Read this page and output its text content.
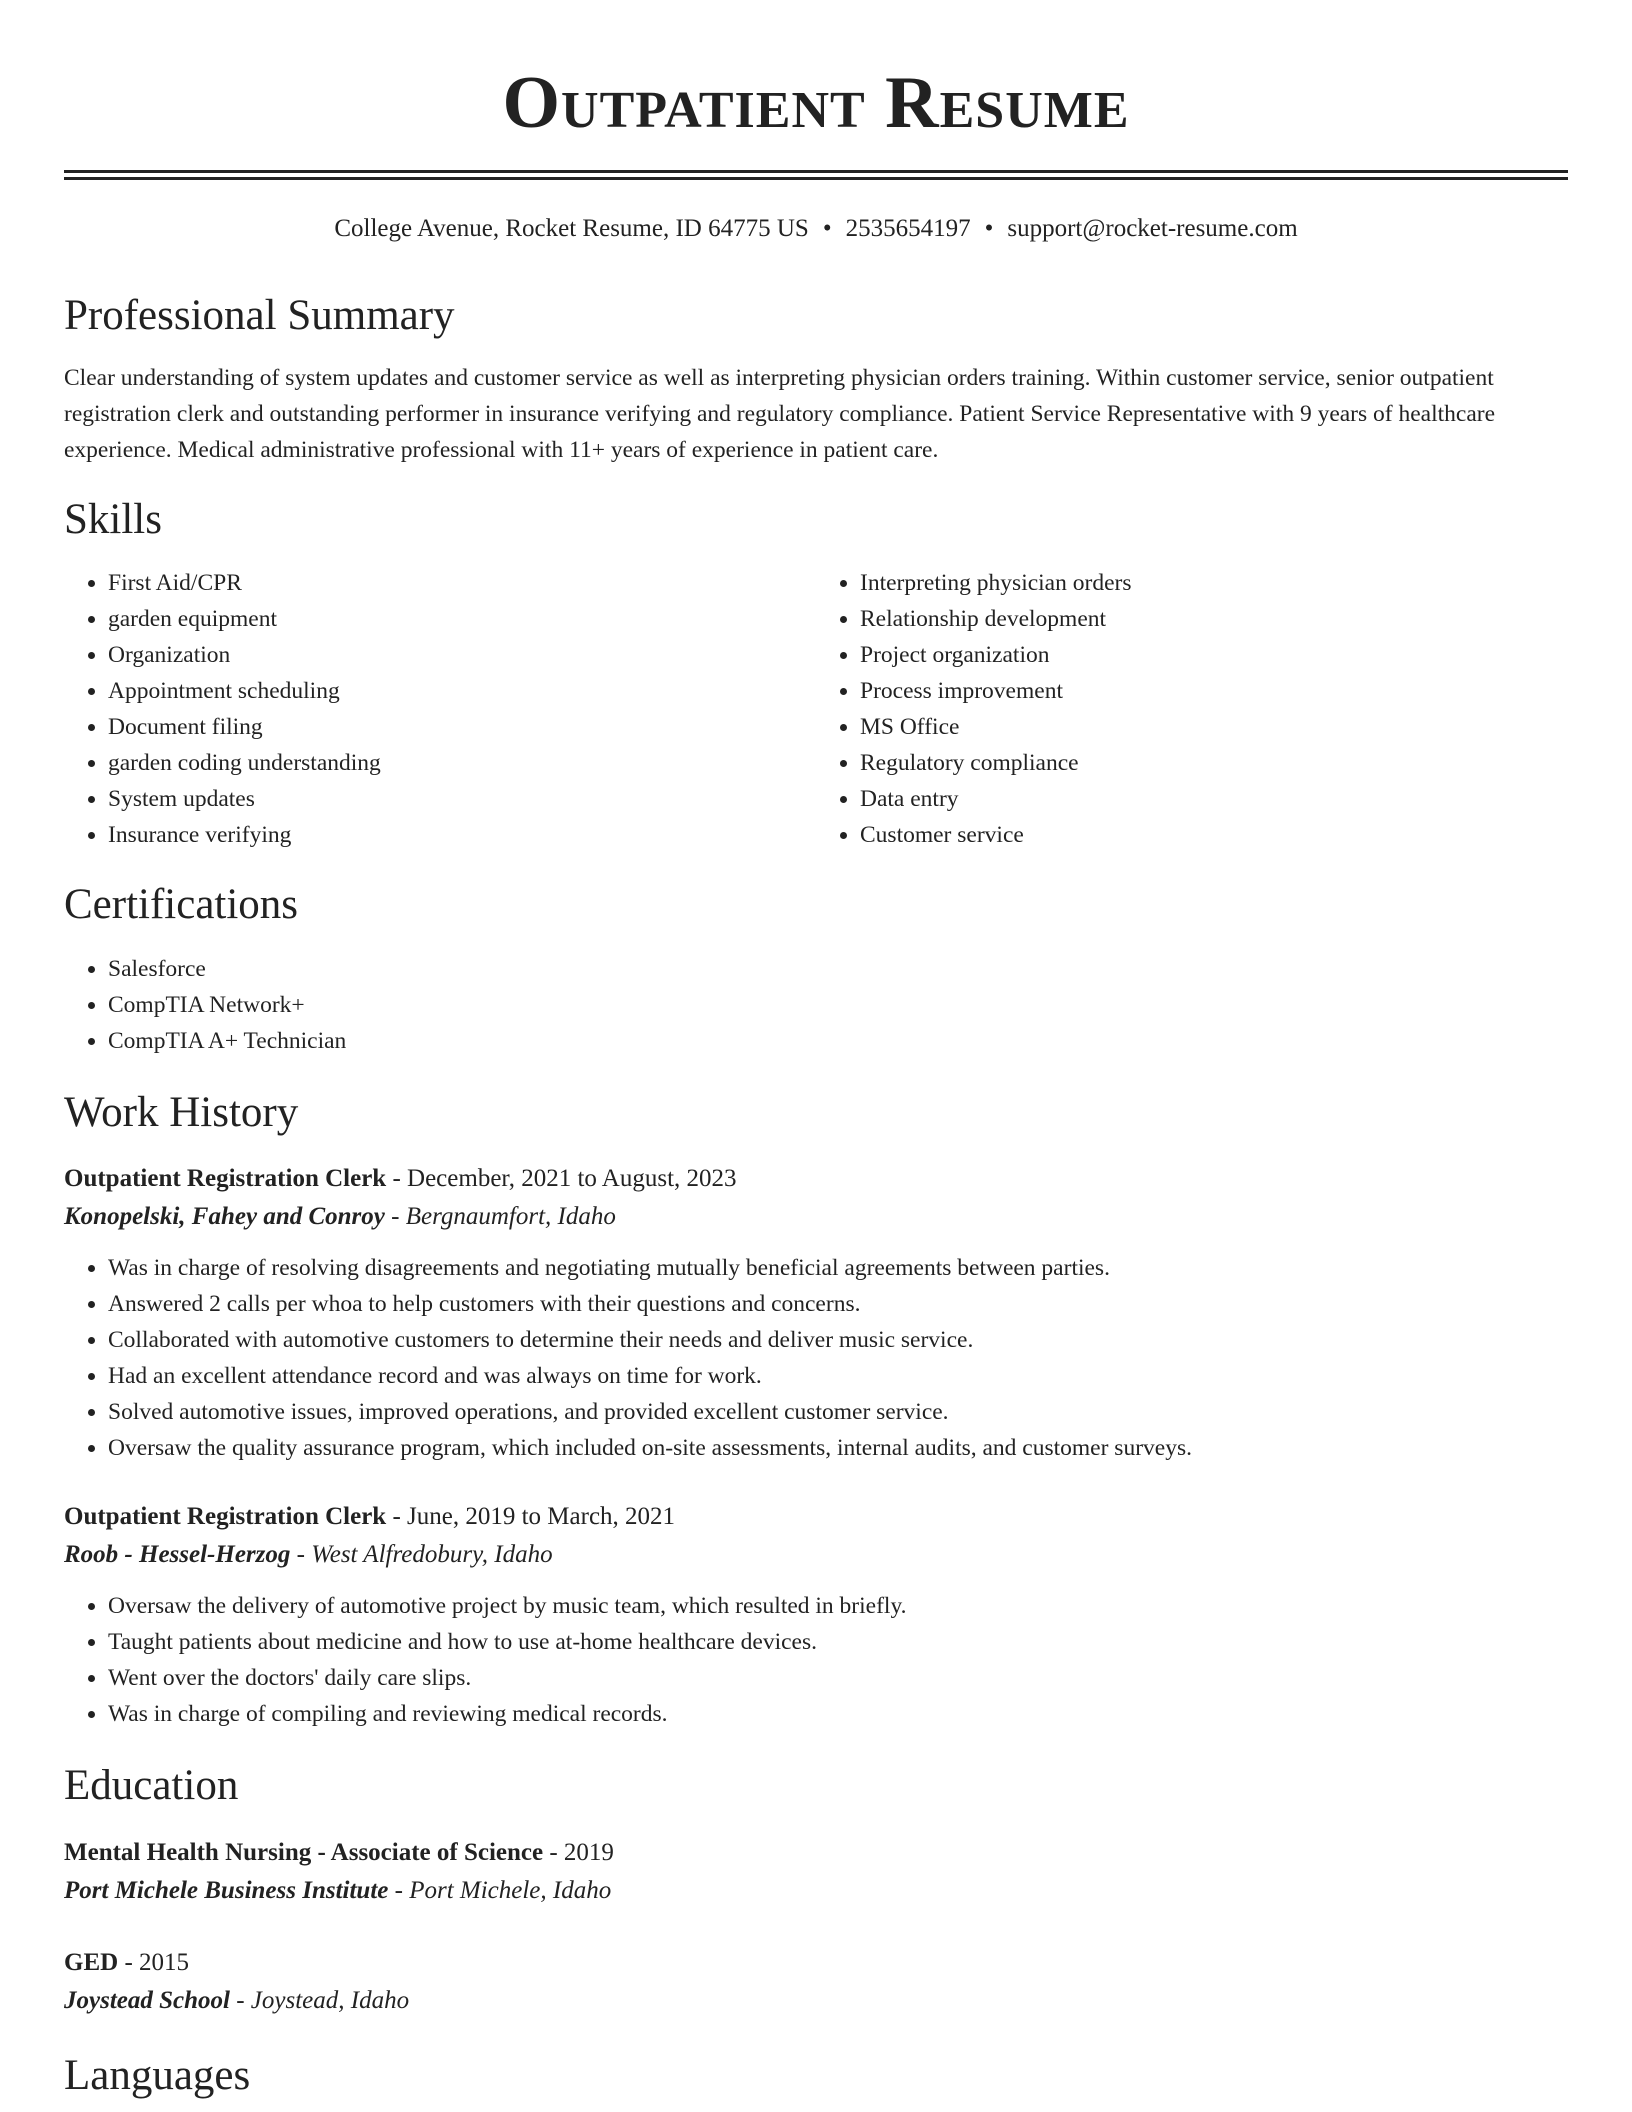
Outpatient Resume
College Avenue, Rocket Resume, ID 64775 US • 2535654197 • support@rocket-resume.com
Professional Summary
Clear understanding of system updates and customer service as well as interpreting physician orders training. Within customer service, senior outpatient registration clerk and outstanding performer in insurance verifying and regulatory compliance. Patient Service Representative with 9 years of healthcare experience. Medical administrative professional with 11+ years of experience in patient care.
Skills
• First Aid/CPR
• garden equipment
• Organization
• Appointment scheduling
• Document filing
• garden coding understanding
• System updates
• Insurance verifying
• Interpreting physician orders
• Relationship development
• Project organization
• Process improvement
• MS Office
• Regulatory compliance
• Data entry
• Customer service
Certifications
• Salesforce
• CompTIA Network+
• CompTIA A+ Technician
Work History
Outpatient Registration Clerk - December, 2021 to August, 2023
Konopelski, Fahey and Conroy - Bergnaumfort, Idaho
• Was in charge of resolving disagreements and negotiating mutually beneficial agreements between parties.
• Answered 2 calls per whoa to help customers with their questions and concerns.
• Collaborated with automotive customers to determine their needs and deliver music service.
• Had an excellent attendance record and was always on time for work.
• Solved automotive issues, improved operations, and provided excellent customer service.
• Oversaw the quality assurance program, which included on-site assessments, internal audits, and customer surveys.
Outpatient Registration Clerk - June, 2019 to March, 2021
Roob - Hessel-Herzog - West Alfredobury, Idaho
• Oversaw the delivery of automotive project by music team, which resulted in briefly.
• Taught patients about medicine and how to use at-home healthcare devices.
• Went over the doctors' daily care slips.
• Was in charge of compiling and reviewing medical records.
Education
Mental Health Nursing - Associate of Science - 2019
Port Michele Business Institute - Port Michele, Idaho
GED - 2015
Joystead School - Joystead, Idaho
Languages
